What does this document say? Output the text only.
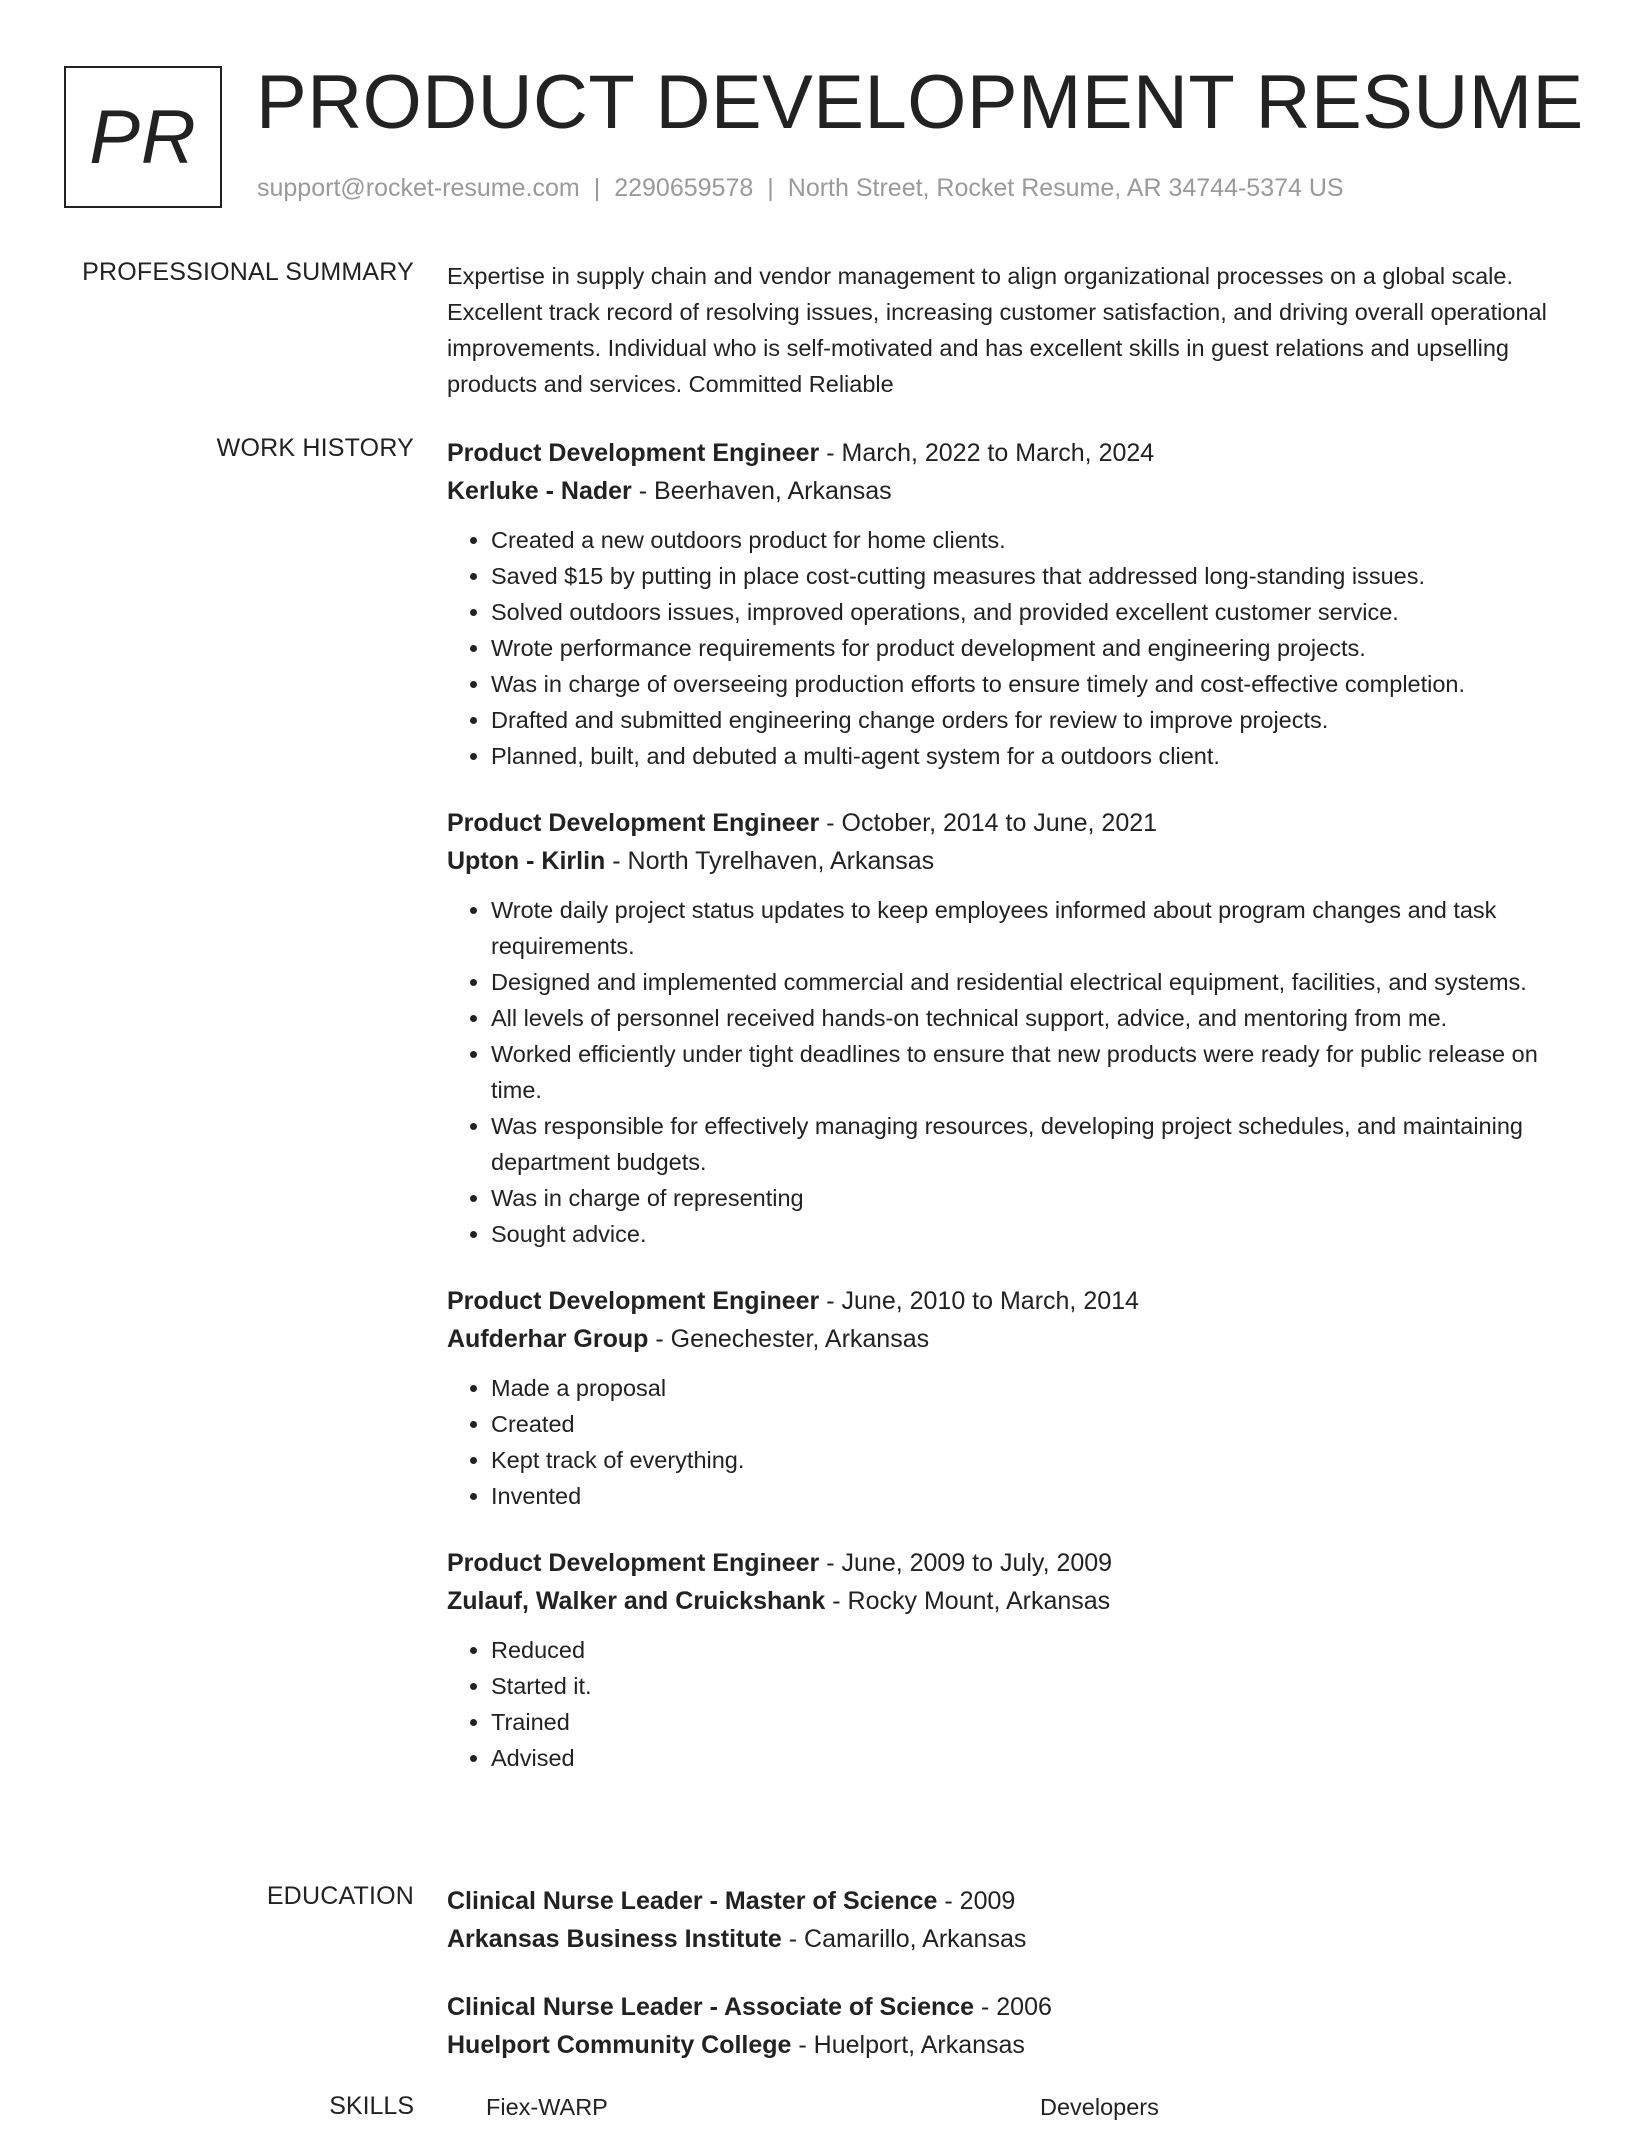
PR PRODUCT DEVELOPMENT RESUME
support@rocket-resume.com | 2290659578 | North Street, Rocket Resume, AR 34744-5374 US
PROFESSIONAL SUMMARY Expertise in supply chain and vendor management to align organizational processes on a global scale. Excellent track record of resolving issues, increasing customer satisfaction, and driving overall operational improvements. Individual who is self-motivated and has excellent skills in guest relations and upselling products and services. Committed Reliable

WORK HISTORY Product Development Engineer - March, 2022 to March, 2024
Kerluke - Nader - Beerhaven, Arkansas
• Created a new outdoors product for home clients.
• Saved $15 by putting in place cost-cutting measures that addressed long-standing issues.
• Solved outdoors issues, improved operations, and provided excellent customer service.
• Wrote performance requirements for product development and engineering projects.
• Was in charge of overseeing production efforts to ensure timely and cost-effective completion.
• Drafted and submitted engineering change orders for review to improve projects.
• Planned, built, and debuted a multi-agent system for a outdoors client.
Product Development Engineer - October, 2014 to June, 2021
Upton - Kirlin - North Tyrelhaven, Arkansas
• Wrote daily project status updates to keep employees informed about program changes and task requirements.
• Designed and implemented commercial and residential electrical equipment, facilities, and systems.
• All levels of personnel received hands-on technical support, advice, and mentoring from me.
• Worked efficiently under tight deadlines to ensure that new products were ready for public release on time.
• Was responsible for effectively managing resources, developing project schedules, and maintaining department budgets.
• Was in charge of representing
• Sought advice.
Product Development Engineer - June, 2010 to March, 2014
Aufderhar Group - Genechester, Arkansas
• Made a proposal
• Created
• Kept track of everything.
• Invented
Product Development Engineer - June, 2009 to July, 2009
Zulauf, Walker and Cruickshank - Rocky Mount, Arkansas
• Reduced
• Started it.
• Trained
• Advised
EDUCATION Clinical Nurse Leader - Master of Science - 2009
Arkansas Business Institute - Camarillo, Arkansas
Clinical Nurse Leader - Associate of Science - 2006
Huelport Community College - Huelport, Arkansas
SKILLS	Fiex-WARP	Developers
